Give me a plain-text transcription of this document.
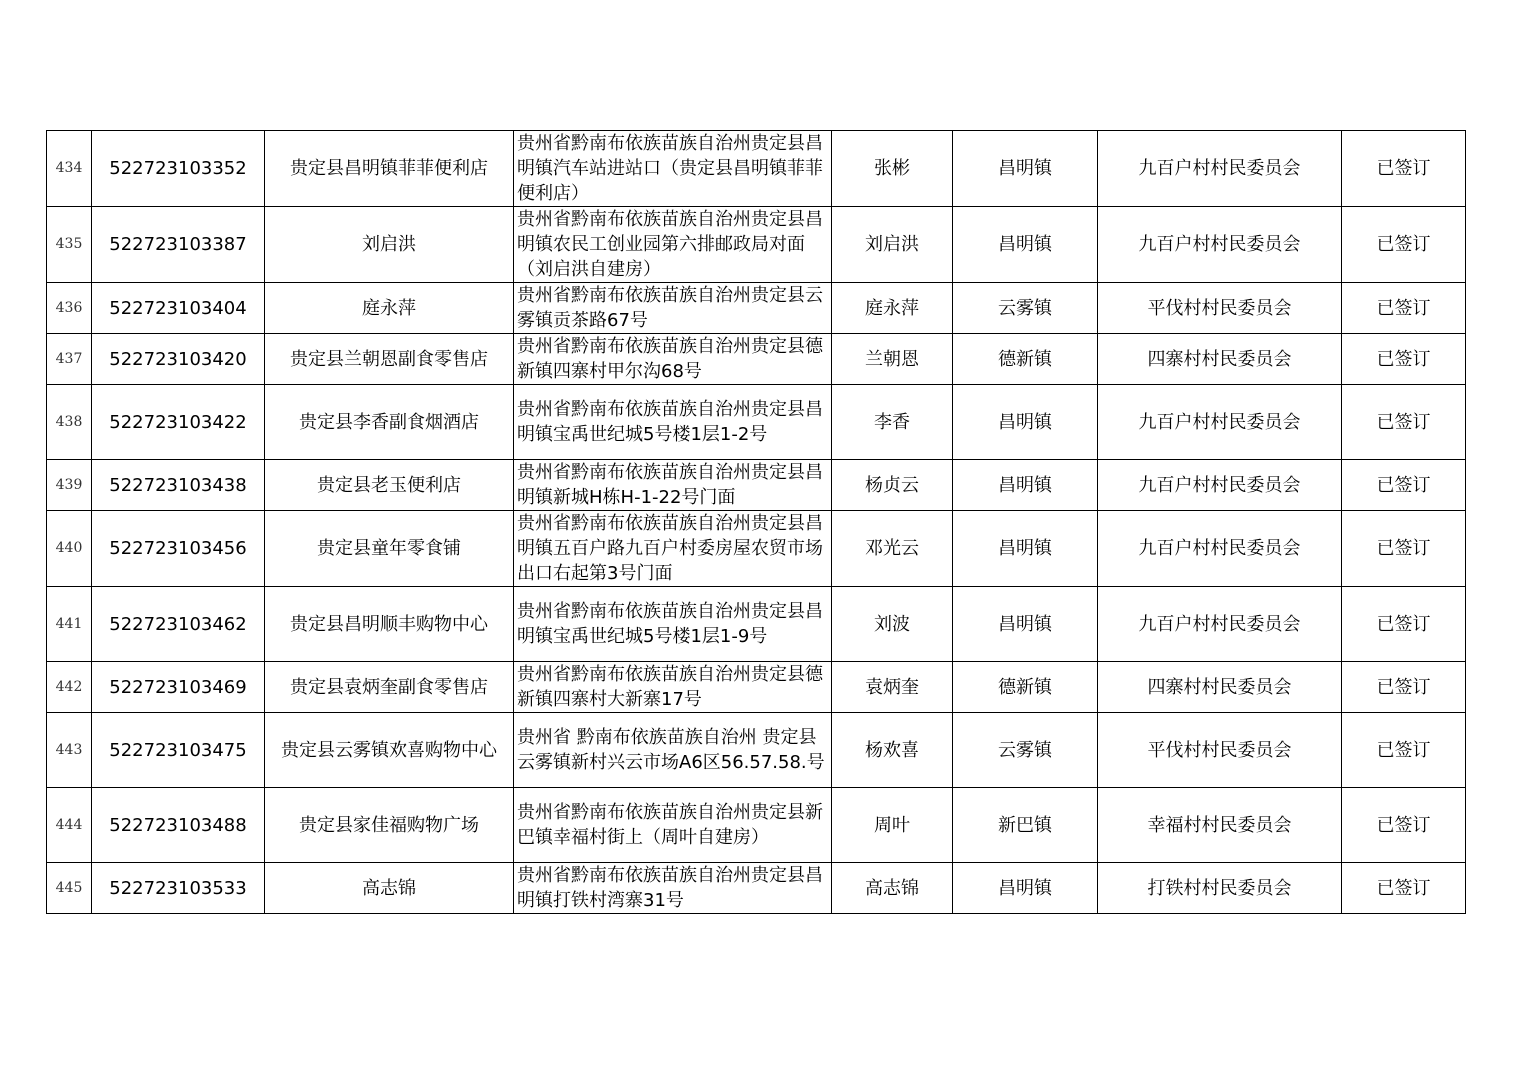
434	522723103352	贵定县昌明镇菲菲便利店	贵州省黔南布依族苗族自治州贵定县昌明镇汽车站进站口（贵定县昌明镇菲菲便利店）	张彬	昌明镇	九百户村村民委员会	已签订
435	522723103387	刘启洪	贵州省黔南布依族苗族自治州贵定县昌明镇农民工创业园第六排邮政局对面（刘启洪自建房）	刘启洪	昌明镇	九百户村村民委员会	已签订
436	522723103404	庭永萍	贵州省黔南布依族苗族自治州贵定县云雾镇贡茶路67号	庭永萍	云雾镇	平伐村村民委员会	已签订
437	522723103420	贵定县兰朝恩副食零售店	贵州省黔南布依族苗族自治州贵定县德新镇四寨村甲尔沟68号	兰朝恩	德新镇	四寨村村民委员会	已签订
438	522723103422	贵定县李香副食烟酒店	贵州省黔南布依族苗族自治州贵定县昌明镇宝禹世纪城5号楼1层1-2号	李香	昌明镇	九百户村村民委员会	已签订
439	522723103438	贵定县老玉便利店	贵州省黔南布依族苗族自治州贵定县昌明镇新城H栋H-1-22号门面	杨贞云	昌明镇	九百户村村民委员会	已签订
440	522723103456	贵定县童年零食铺	贵州省黔南布依族苗族自治州贵定县昌明镇五百户路九百户村委房屋农贸市场出口右起第3号门面	邓光云	昌明镇	九百户村村民委员会	已签订
441	522723103462	贵定县昌明顺丰购物中心	贵州省黔南布依族苗族自治州贵定县昌明镇宝禹世纪城5号楼1层1-9号	刘波	昌明镇	九百户村村民委员会	已签订
442	522723103469	贵定县袁炳奎副食零售店	贵州省黔南布依族苗族自治州贵定县德新镇四寨村大新寨17号	袁炳奎	德新镇	四寨村村民委员会	已签订
443	522723103475	贵定县云雾镇欢喜购物中心	贵州省 黔南布依族苗族自治州 贵定县云雾镇新村兴云市场A6区56.57.58.号	杨欢喜	云雾镇	平伐村村民委员会	已签订
444	522723103488	贵定县家佳福购物广场	贵州省黔南布依族苗族自治州贵定县新巴镇幸福村街上（周叶自建房）	周叶	新巴镇	幸福村村民委员会	已签订
445	522723103533	高志锦	贵州省黔南布依族苗族自治州贵定县昌明镇打铁村湾寨31号	高志锦	昌明镇	打铁村村民委员会	已签订
